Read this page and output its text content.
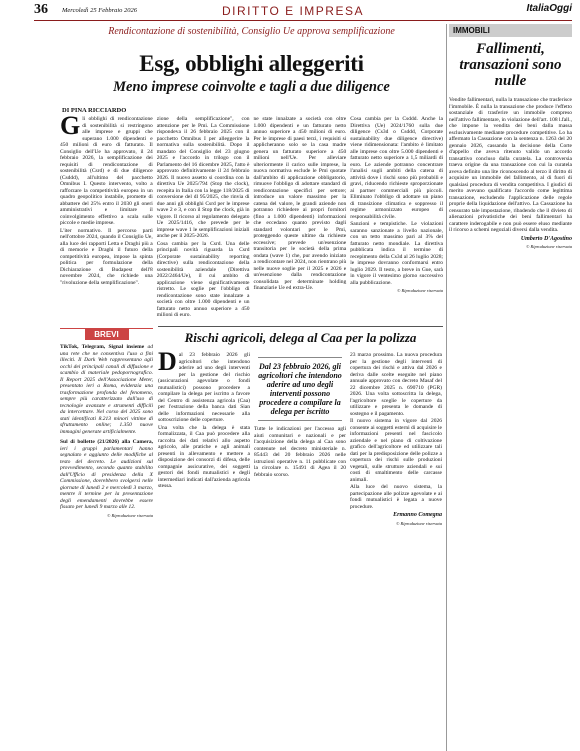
36 Mercoledì 25 Febbraio 2026	DIRITTO E IMPRESA	ItaliaOggi
Rendicontazione di sostenibilità, Consiglio Ue approva semplificazione
Esg, obblighi alleggeriti
Meno imprese coinvolte e tagli a due diligence
DI PINA RICCIARDO

Gli obblighi di rendicontazione di sostenibilità si restringono alle imprese e gruppi che superano 1.000 dipendenti e 450 milioni di euro di fatturato. Il Consiglio dell'Ue ha approvato, il 24 febbraio 2026, la semplificazione dei requisiti di rendicontazione di sostenibilità (Csrd) e di due diligence (Csddd), all'ultimo del pacchetto Omnibus I. Questo intervento, volto a rafforzare la competitività europea in un quadro geopolitico instabile, promette di abbattere del 25% entro il 2030 gli oneri amministrativi e limitare il coinvolgimento effettivo a scala sulle piccole e medie imprese.

L'iter normativo. Il percorso partì nell'ottobre 2024, quando il Consiglio Ue, alla luce dei rapporti Letta e Draghi più a di memorie e Draghi il futuro della competitività europea, impose la spinta politica per formulazione della Dichiarazione di Budapest dell'8 novembre 2024, che richiede una "rivoluzione della semplificazione".

zione della semplificazione", con attenzione per le Pmi. La Commissione rispondeva il 26 febbraio 2025 con il pacchetto Omnibus I per alleggerire la normativa sulla sostenibilità. Dopo il mandato del Consiglio del 23 giugno 2025 e l'accordo in trilogo con il Parlamento del 16 dicembre 2025, l'atto è approvato definitivamente il 24 febbraio 2026. Il nuovo assetto si coordina con la direttiva Ue 2025/794 (Stop the clock), recepita in Italia con la legge 118/2025 di conversione del dl 95/2025, che rinvia di due anni gli obblighi Csrd per le imprese wave 2 e 3, e con il Stop the clock, già in vigore. Il ricorso al regolamento delegato Ue 2025/1416, che prevede per le imprese wave 1 le semplificazioni iniziali anche per il 2025-2026.

Cosa cambia per la Csrd. Una delle principali novità riguarda la Csrd (Corporate sustainability reporting directive) sulla rendicontazione della sostenibilità aziendale (Direttiva 2022/2464/Ue), il cui ambito di applicazione viene significativamente ristretto. Le soglie per l'obbligo di rendicontazione sono state innalzate a società con oltre 1.000 dipendenti e un fatturato netto annuo superiore a 450 milioni di euro.

ne state innalzate a società con oltre 1.000 dipendenti e un fatturato netto annuo superiore a 450 milioni di euro. Per le imprese di paesi terzi, i requisiti si applicheranno solo se la casa madre genera un fatturato superiore a 450 milioni nell'Ue. Per alleviare ulteriormente il carico sulle imprese, la nuova normativa esclude le Pmi quotate dall'ambito di applicazione obbligatorio, rimuove l'obbligo di adottare standard di rendicontazione specifici per settore; introduce un valore massimo per la catena del valore, le grandi aziende non potranno richiedere ai propri fornitori (fino a 1.000 dipendenti) informazioni che eccedano quanto previsto dagli standard volontari per le Pmi, proteggendo queste ultime da richieste eccessive; prevede un'esenzione transitoria per le società della prima ondata (wave 1) che, pur avendo iniziato a rendicontare nel 2024, non rientrano più nelle nuove soglie per il 2025 e 2026 e un'esenzione dalla rendicontazione consolidata per determinate holding finanziarie Ue ed extra-Ue.

Cosa cambia per la Csddd. Anche la Direttiva (Ue) 2024/1760 sulla due diligence (Cs3d o Csddd, Corporate sustainability due diligence directive) viene ridimensionata: l'ambito è limitato alle imprese con oltre 5.000 dipendenti e fatturato netto superiore a 1,5 miliardi di euro. Le aziende potranno concentrare l'analisi sugli ambiti della catena di attività dove i rischi sono più probabili e gravi, riducendo richieste sproporzionate ai partner commerciali più piccoli. Eliminato l'obbligo di adottare un piano di transizione climatica e soppresso il regime armonizzato europeo di responsabilità civile.

Sanzioni e tempistiche. Le violazioni saranno sanzionate a livello nazionale, con un tetto massimo pari al 3% del fatturato netto mondiale. La direttiva pubblicata indica il termine di recepimento della Cs3d al 26 luglio 2028; le imprese dovranno conformarsi entro luglio 2029. Il testo, a breve in Gue, sarà in vigore il ventesimo giorno successivo alla pubblicazione.

© Riproduzione riservata
BREVI
TikTok, Telegram, Signal insieme ad una rete che ne consentiva l'uso a fini illeciti. Il Dark Web rappresentano agli occhi dei principali canali di diffusione e scambio di materiale pedopornografico. Il Report 2025 dell'Associazione Meter, presentato ieri a Roma, evidenzia una trasformazione profonda del fenomeno, sempre più caratterizzato dall'uso di tecnologie avanzate e strumenti difficili da intercettare. Nel corso del 2025 sono stati identificati 8.213 minori vittime di sfruttamento online; 1.350 nuove immagini generate artificialmente.
Sul di bollette (21/2026) alla Camera, ieri i gruppi parlamentari hanno segnalato e aggiunto delle modifiche al testo del decreto. Le audizioni sul provvedimento, secondo quanto stabilito dall'Ufficio di presidenza della X Commissione, dovrebbero svolgersi nelle giornate di lunedì 2 e mercoledì 3 marzo, mentre il termine per la presentazione degli emendamenti dovrebbe essere fissato per lunedì 9 marzo alle 12.
© Riproduzione riservata
Rischi agricoli, delega al Caa per la polizza

Dal 23 febbraio 2026 gli agricoltori che intendono aderire ad uno degli interventi per la gestione del rischio (assicurazioni agevolate o fondi mutualistici) possono procedere a compilare la delega per iscritto a favore del Centro di assistenza agricola (Caa) per l'estrazione della banca dati Sian delle informazioni necessarie alla sottoscrizione delle coperture.

Una volta che la delega è stata formalizzata, il Caa può procedere alla raccolta dei dati relativi allo aspetto agricolo, alle pratiche e agli animali presenti in allevamento e mettere a disposizione dei consorzi di difesa, delle compagnie assicurative, dei soggetti gestori dei fondi mutualistici e degli intermediari indicati dall'azienda agricola stessa.

Dal 23 febbraio 2026, gli agricoltori che intendono aderire ad uno degli interventi possono procedere a compilare la delega per iscritto

Tutte le indicazioni per l'accesso agli aiuti comunitari e nazionali e per l'acquisizione della delega al Caa sono contenute nel decreto ministeriale n. 85443 del 20 febbraio 2026 nelle istruzioni operative n. 11 pubblicate con la circolare n. 15491 di Agea il 20 febbraio scorso.

23 marzo prossimo. La nuova procedura per la gestione degli interventi di copertura dei rischi e attiva dal 2026 e deriva dalle scelte eseguite nel piano annuale approvato con decreto Masaf del 22 dicembre 2025 n. 690710 (PGR) 2026. Una volta sottoscritta la delega, l'agricoltore sceglie le coperture da utilizzare e presenta le domande di sostegno e il pagamento.

Il nuovo sistema in vigore dal 2026 consente ai soggetti esterni di acquisire le informazioni presenti nel fascicolo aziendale e nel piano di coltivazione grafico dell'agricoltore ed utilizzare tali dati per la predisposizione delle polizze a copertura dei rischi sulle produzioni vegetali, sulle strutture aziendali e sui costi di smaltimento delle carcasse animali.

Alla luce del nuovo sistema, la partecipazione alle polizze agevolate e ai fondi mutualistici è legata a nuove procedure.

Ermanno Comegna
© Riproduzione riservata
IMMOBILI
Fallimenti, transazioni sono nulle
Vendite fallimentari, nulla la transazione che trasferisce l'immobile. È nulla la transazione che produce l'effetto sostanziale di trasferire un immobile compreso nell'attivo fallimentare, in violazione dell'art. 108 l.fall., che impone la vendita dei beni dalla massa esclusivamente mediante procedure competitive. Lo ha affermato la Cassazione con la sentenza n. 1263 del 20 gennaio 2026, cassando la decisione della Corte d'appello che aveva ritenuto valido un accordo transattivo concluso dalla curatela. La controversia traeva origine da una transazione con cui la curatela aveva definito una lite riconoscendo al terzo il diritto di acquisire un immobile del fallimento, al di fuori di qualsiasi procedura di vendita competitiva. I giudici di merito avevano qualificato l'accordo come legittima transazione, escludendo l'applicazione delle regole proprie della liquidazione dell'attivo. La Cassazione ha censurato tale impostazione, ribadendo che il divieto di alienazioni privatistiche dei beni fallimentari ha carattere inderogabile e non può essere eluso mediante il ricorso a schemi negoziali diversi dalla vendita.
Umberto D'Agostino
© Riproduzione riservata
